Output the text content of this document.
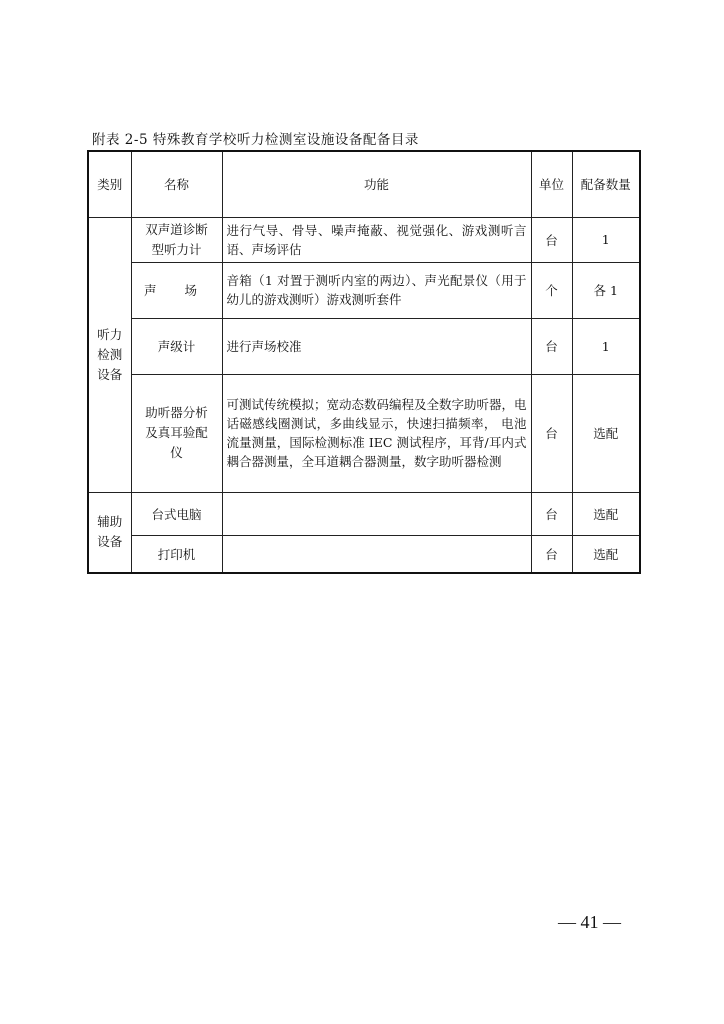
附表 2-5 特殊教育学校听力检测室设施设备配备目录
类别	名称	功能	单位	配备数量
听力检测设备	双声道诊断型听力计	进行气导、骨导、噪声掩蔽、视觉强化、游戏测听言语、声场评估	台	1
	声 场	音箱（1 对置于测听内室的两边）、声光配景仪（用于幼儿的游戏测听）游戏测听套件	个	各 1
	声级计	进行声场校准	台	1
	助听器分析及真耳验配仪	可测试传统模拟；宽动态数码编程及全数字助听器，电话磁感线圈测试，多曲线显示，快速扫描频率， 电池流量测量，国际检测标准 IEC 测试程序，耳背/耳内式耦合器测量，全耳道耦合器测量，数字助听器检测	台	选配
辅助设备	台式电脑		台	选配
	打印机		台	选配
— 41 —
